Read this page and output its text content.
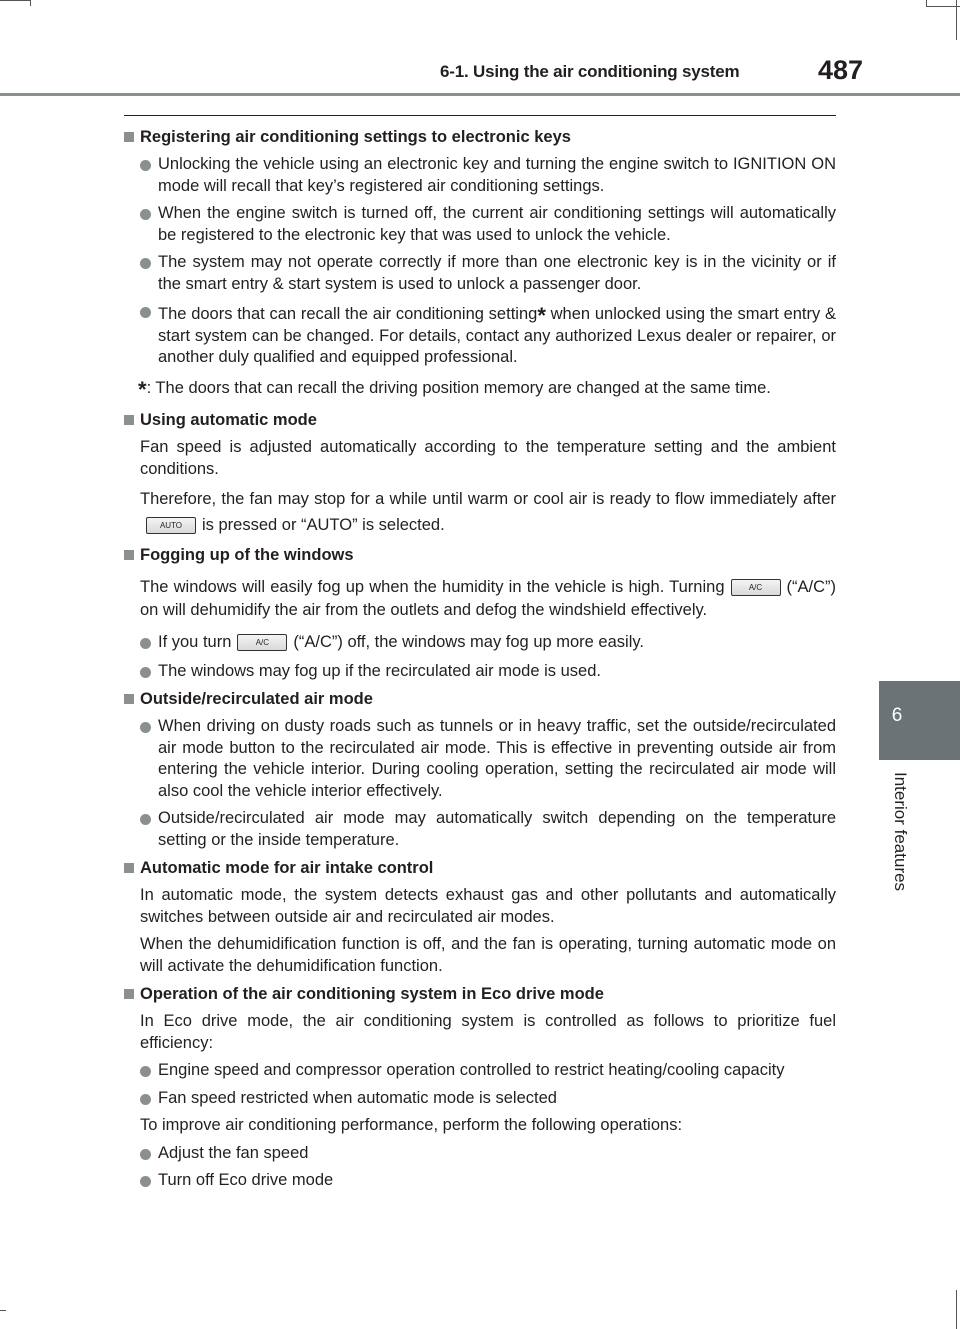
6-1. Using the air conditioning system	487
6
Interior features

Registering air conditioning settings to electronic keys

Unlocking the vehicle using an electronic key and turning the engine switch to IGNITION ON mode will recall that key’s registered air conditioning settings.

When the engine switch is turned off, the current air conditioning settings will automatically be registered to the electronic key that was used to unlock the vehicle.

The system may not operate correctly if more than one electronic key is in the vicinity or if the smart entry & start system is used to unlock a passenger door.

The doors that can recall the air conditioning setting* when unlocked using the smart entry & start system can be changed. For details, contact any authorized Lexus dealer or repairer, or another duly qualified and equipped professional.

*: The doors that can recall the driving position memory are changed at the same time.

Using automatic mode

Fan speed is adjusted automatically according to the temperature setting and the ambient conditions.

Therefore, the fan may stop for a while until warm or cool air is ready to flow immediately afterAUTO is pressed or “AUTO” is selected.

Fogging up of the windows

The windows will easily fog up when the humidity in the vehicle is high. Turning	A/C (“A/C”) on will dehumidify the air from the outlets and defog the windshield effectively.

If you turn	A/C (“A/C”) off, the windows may fog up more easily.

The windows may fog up if the recirculated air mode is used.

Outside/recirculated air mode

When driving on dusty roads such as tunnels or in heavy traffic, set the outside/recirculated air mode button to the recirculated air mode. This is effective in preventing outside air from entering the vehicle interior. During cooling operation, setting the recirculated air mode will also cool the vehicle interior effectively.

Outside/recirculated air mode may automatically switch depending on the temperature setting or the inside temperature.

Automatic mode for air intake control

In automatic mode, the system detects exhaust gas and other pollutants and automatically switches between outside air and recirculated air modes.

When the dehumidification function is off, and the fan is operating, turning automatic mode on will activate the dehumidification function.

Operation of the air conditioning system in Eco drive mode

In Eco drive mode, the air conditioning system is controlled as follows to prioritize fuel efficiency:

Engine speed and compressor operation controlled to restrict heating/cooling capacity

Fan speed restricted when automatic mode is selected

To improve air conditioning performance, perform the following operations:

Adjust the fan speed

Turn off Eco drive mode
